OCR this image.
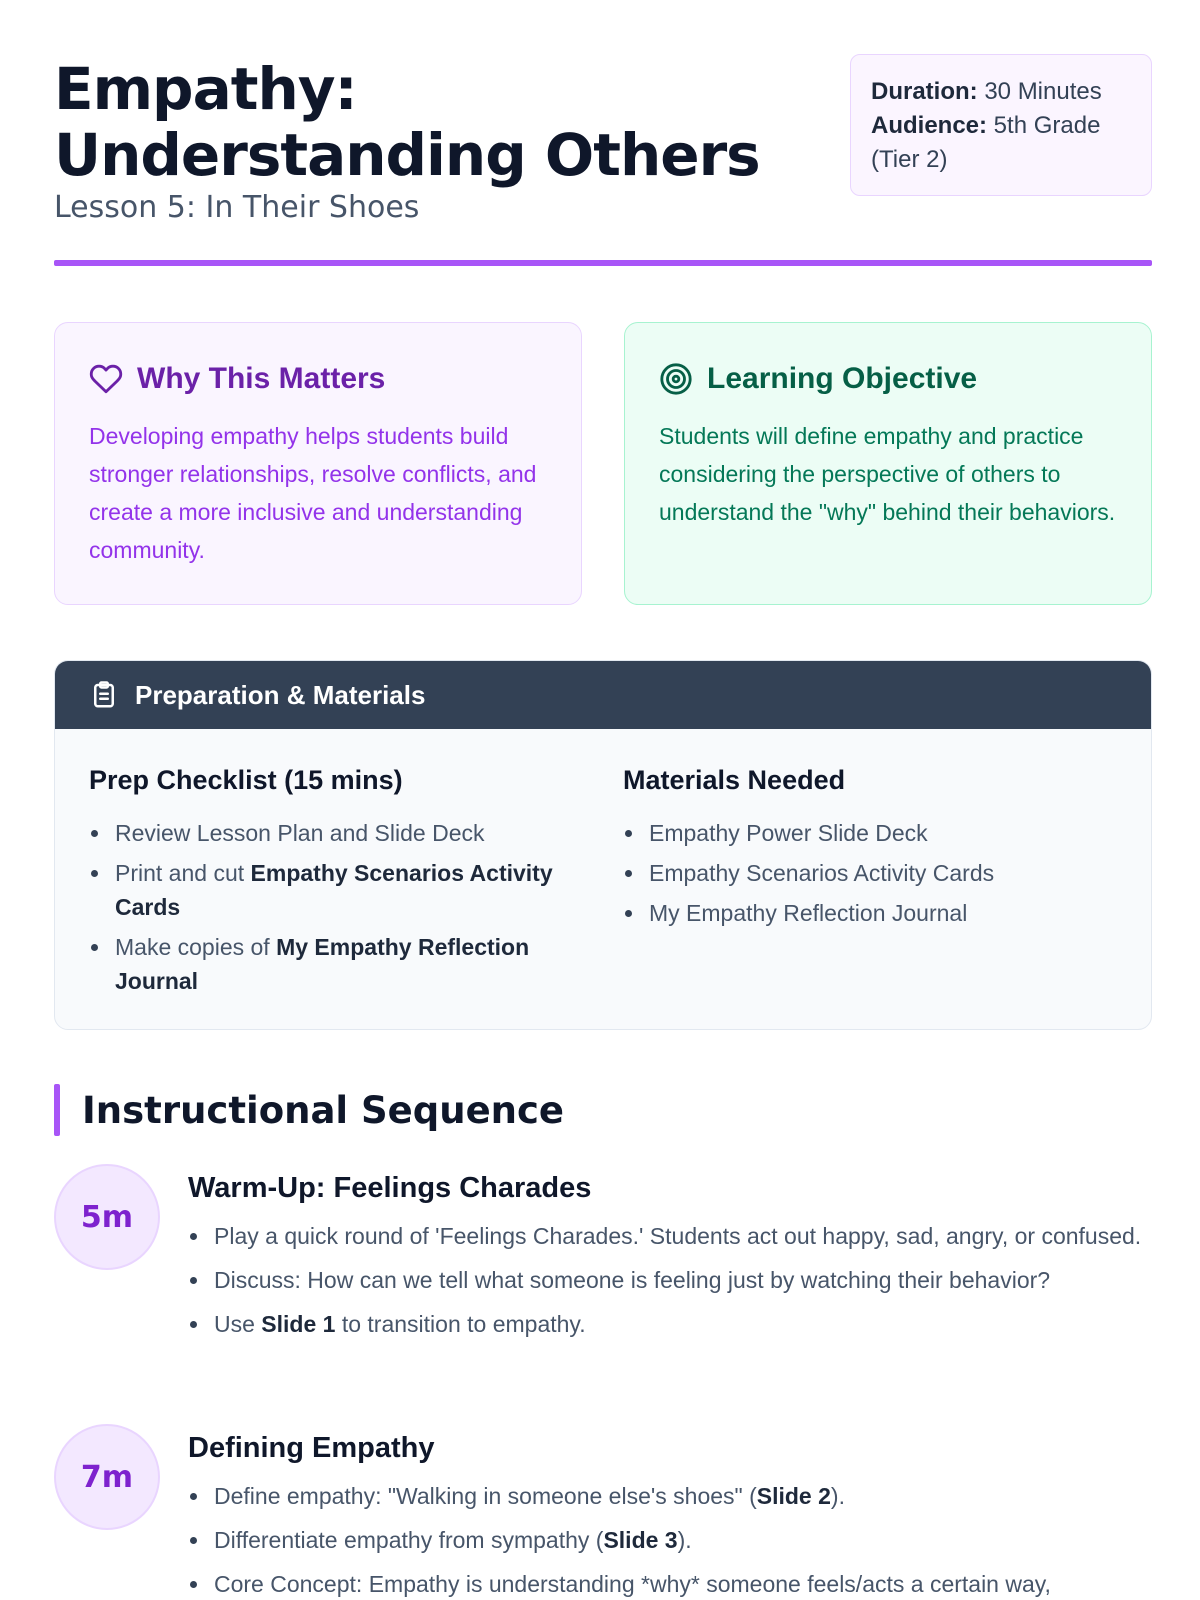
Empathy: Understanding Others
Lesson 5: In Their Shoes
Duration: 30 Minutes
Audience: 5th Grade (Tier 2)
Why This Matters

Developing empathy helps students build stronger relationships, resolve conflicts, and create a more inclusive and understanding community.

Learning Objective

Students will define empathy and practice considering the perspective of others to understand the "why" behind their behaviors.

Preparation & Materials
Prep Checklist (15 mins)
Review Lesson Plan and Slide Deck
Print and cut Empathy Scenarios Activity Cards
Make copies of My Empathy Reflection Journal
Materials Needed
Empathy Power Slide Deck
Empathy Scenarios Activity Cards
My Empathy Reflection Journal
Instructional Sequence
5m
Warm-Up: Feelings Charades
Play a quick round of 'Feelings Charades.' Students act out happy, sad, angry, or confused.
Discuss: How can we tell what someone is feeling just by watching their behavior?
Use Slide 1 to transition to empathy.
7m
Defining Empathy
Define empathy: "Walking in someone else's shoes" (Slide 2).
Differentiate empathy from sympathy (Slide 3).
Core Concept: Empathy is understanding *why* someone feels/acts a certain way,
